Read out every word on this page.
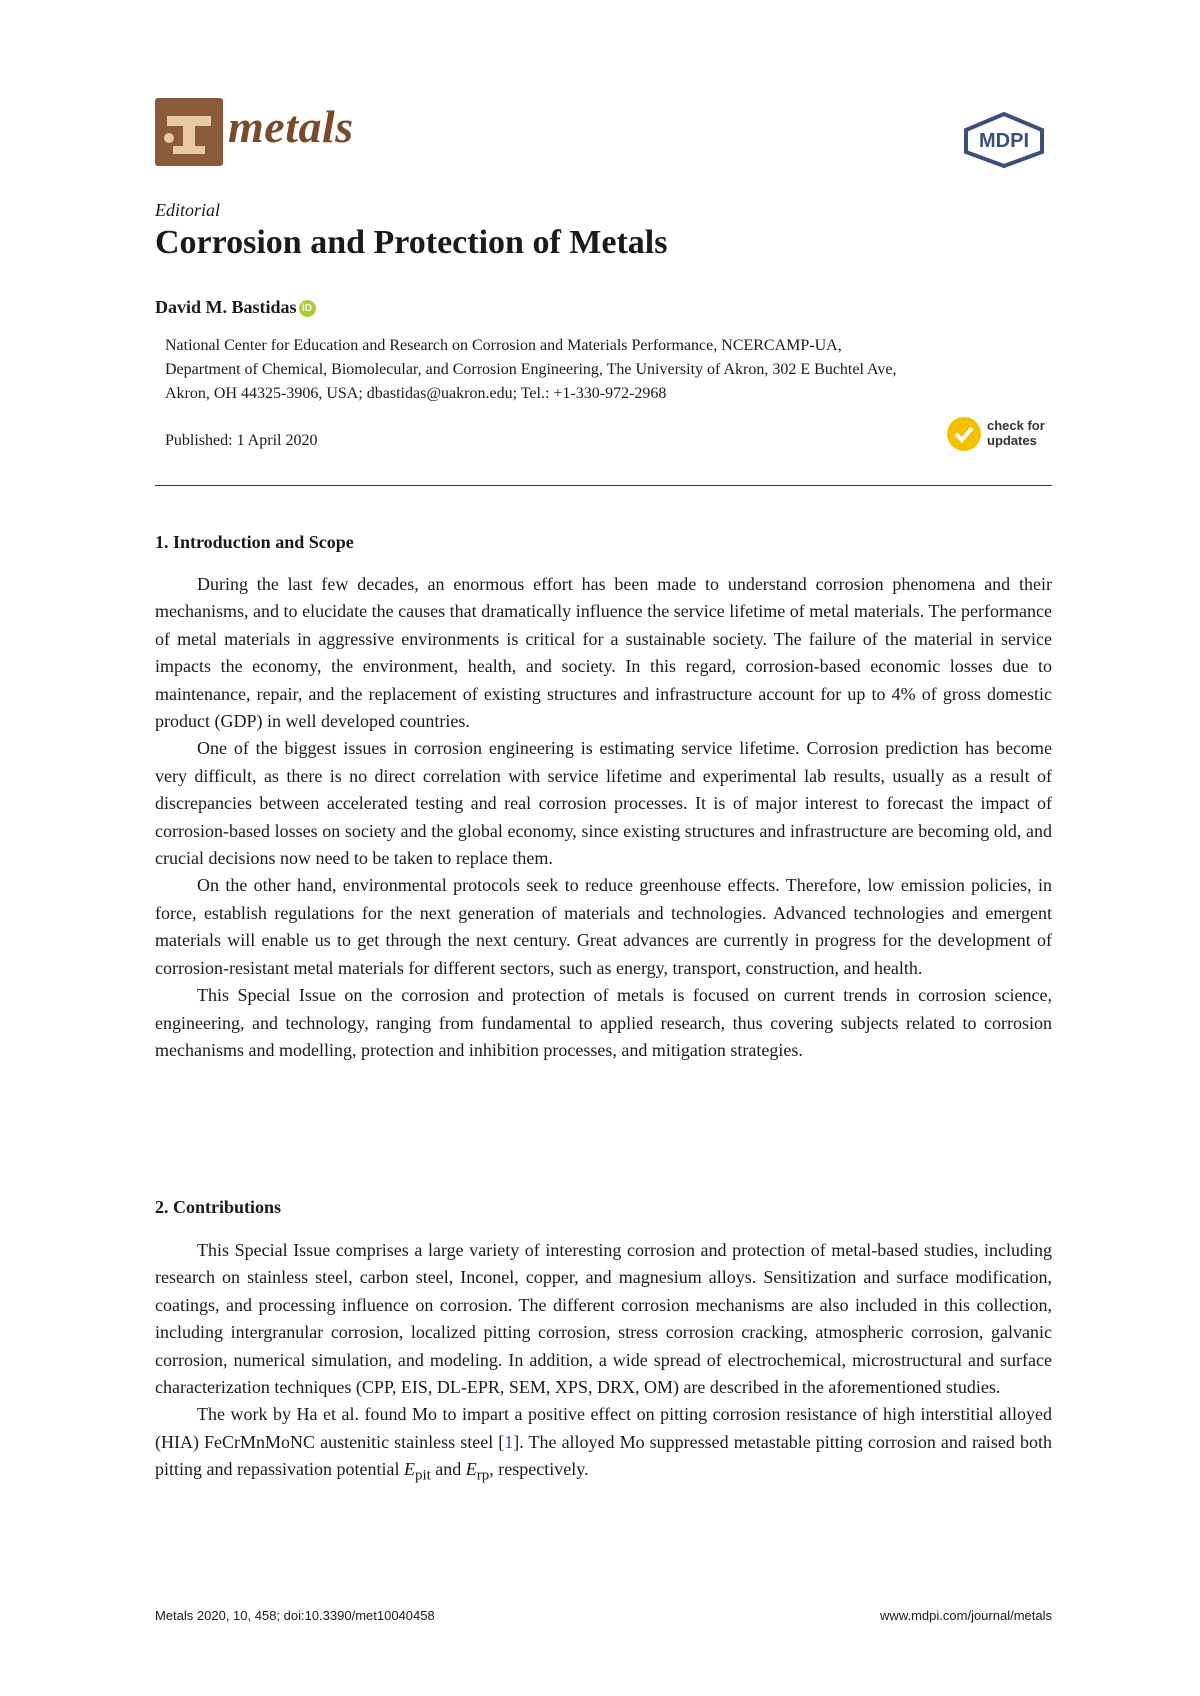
metals	MDPI
Editorial
Corrosion and Protection of Metals
David M. Bastidas iD
National Center for Education and Research on Corrosion and Materials Performance, NCERCAMP-UA,
Department of Chemical, Biomolecular, and Corrosion Engineering, The University of Akron, 302 E Buchtel Ave,
Akron, OH 44325-3906, USA; dbastidas@uakron.edu; Tel.: +1-330-972-2968
Published: 1 April 2020
check for
updates
1. Introduction and Scope

During the last few decades, an enormous effort has been made to understand corrosion phenomena and their mechanisms, and to elucidate the causes that dramatically influence the service lifetime of metal materials. The performance of metal materials in aggressive environments is critical for a sustainable society. The failure of the material in service impacts the economy, the environment, health, and society. In this regard, corrosion-based economic losses due to maintenance, repair, and the replacement of existing structures and infrastructure account for up to 4% of gross domestic product (GDP) in well developed countries.

One of the biggest issues in corrosion engineering is estimating service lifetime. Corrosion prediction has become very difficult, as there is no direct correlation with service lifetime and experimental lab results, usually as a result of discrepancies between accelerated testing and real corrosion processes. It is of major interest to forecast the impact of corrosion-based losses on society and the global economy, since existing structures and infrastructure are becoming old, and crucial decisions now need to be taken to replace them.

On the other hand, environmental protocols seek to reduce greenhouse effects. Therefore, low emission policies, in force, establish regulations for the next generation of materials and technologies. Advanced technologies and emergent materials will enable us to get through the next century. Great advances are currently in progress for the development of corrosion-resistant metal materials for different sectors, such as energy, transport, construction, and health.

This Special Issue on the corrosion and protection of metals is focused on current trends in corrosion science, engineering, and technology, ranging from fundamental to applied research, thus covering subjects related to corrosion mechanisms and modelling, protection and inhibition processes, and mitigation strategies.

2. Contributions

This Special Issue comprises a large variety of interesting corrosion and protection of metal-based studies, including research on stainless steel, carbon steel, Inconel, copper, and magnesium alloys. Sensitization and surface modification, coatings, and processing influence on corrosion. The different corrosion mechanisms are also included in this collection, including intergranular corrosion, localized pitting corrosion, stress corrosion cracking, atmospheric corrosion, galvanic corrosion, numerical simulation, and modeling. In addition, a wide spread of electrochemical, microstructural and surface characterization techniques (CPP, EIS, DL-EPR, SEM, XPS, DRX, OM) are described in the aforementioned studies.

The work by Ha et al. found Mo to impart a positive effect on pitting corrosion resistance of high interstitial alloyed (HIA) FeCrMnMoNC austenitic stainless steel [1]. The alloyed Mo suppressed metastable pitting corrosion and raised both pitting and repassivation potential $E_{pit}$ and $E_{rp}$, respectively.

Metals 2020, 10, 458; doi:10.3390/met10040458	www.mdpi.com/journal/metals
